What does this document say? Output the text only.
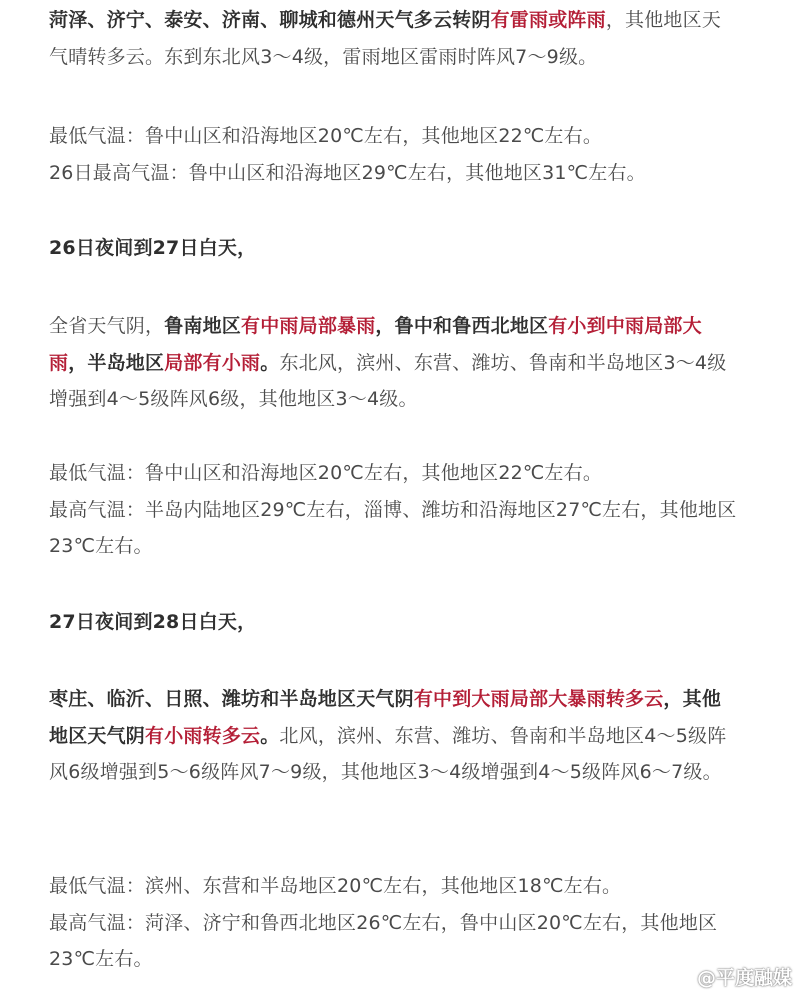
菏泽、济宁、泰安、济南、聊城和德州天气多云转阴有雷雨或阵雨，其他地区天气晴转多云。东到东北风3～4级，雷雨地区雷雨时阵风7～9级。

最低气温：鲁中山区和沿海地区20℃左右，其他地区22℃左右。
26日最高气温：鲁中山区和沿海地区29℃左右，其他地区31℃左右。

26日夜间到27日白天，

全省天气阴，鲁南地区有中雨局部暴雨，鲁中和鲁西北地区有小到中雨局部大雨，半岛地区局部有小雨。东北风，滨州、东营、潍坊、鲁南和半岛地区3～4级增强到4～5级阵风6级，其他地区3～4级。

最低气温：鲁中山区和沿海地区20℃左右，其他地区22℃左右。
最高气温：半岛内陆地区29℃左右，淄博、潍坊和沿海地区27℃左右，其他地区23℃左右。

27日夜间到28日白天，

枣庄、临沂、日照、潍坊和半岛地区天气阴有中到大雨局部大暴雨转多云，其他地区天气阴有小雨转多云。北风，滨州、东营、潍坊、鲁南和半岛地区4～5级阵风6级增强到5～6级阵风7～9级，其他地区3～4级增强到4～5级阵风6～7级。

最低气温：滨州、东营和半岛地区20℃左右，其他地区18℃左右。
最高气温：菏泽、济宁和鲁西北地区26℃左右，鲁中山区20℃左右，其他地区23℃左右。

@平度融媒
